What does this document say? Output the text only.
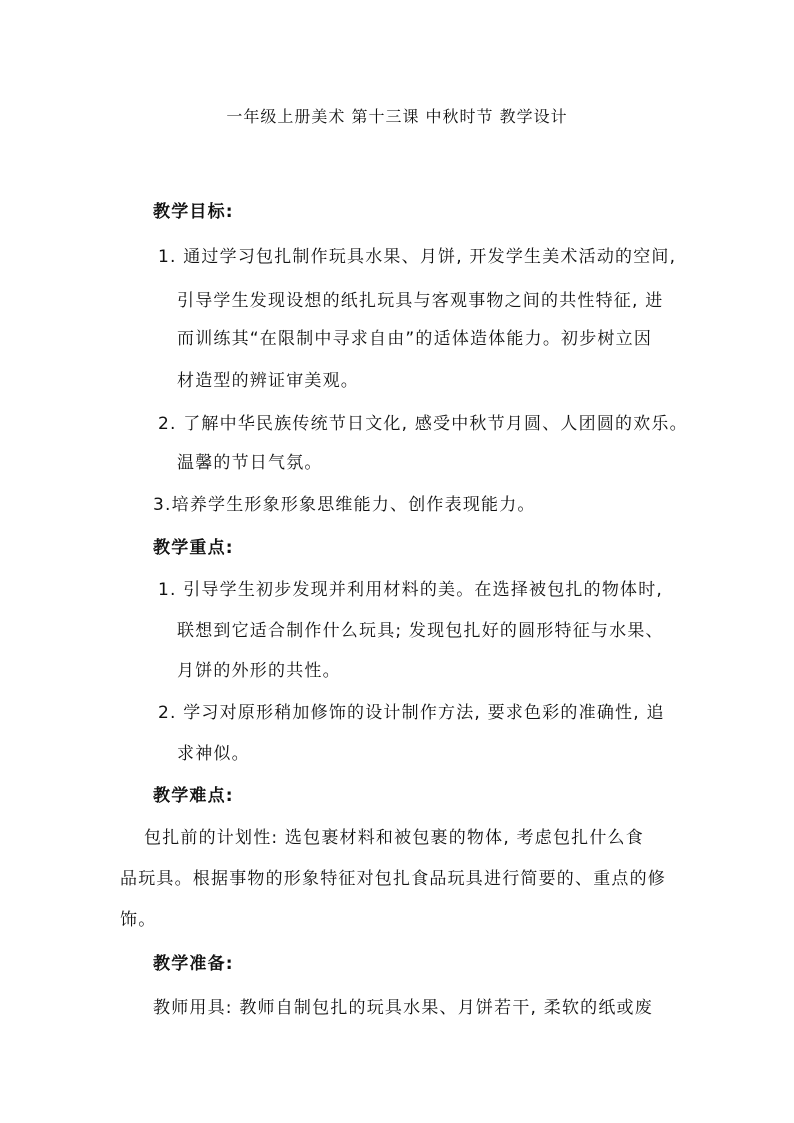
一年级上册美术 第十三课 中秋时节 教学设计
教学目标:
1. 通过学习包扎制作玩具水果、月饼, 开发学生美术活动的空间,
引导学生发现设想的纸扎玩具与客观事物之间的共性特征, 进
而训练其“在限制中寻求自由”的适体造体能力。初步树立因
材造型的辨证审美观。
2. 了解中华民族传统节日文化, 感受中秋节月圆、人团圆的欢乐。
温馨的节日气氛。
3.培养学生形象形象思维能力、创作表现能力。
教学重点:
1. 引导学生初步发现并利用材料的美。在选择被包扎的物体时,
联想到它适合制作什么玩具; 发现包扎好的圆形特征与水果、
月饼的外形的共性。
2. 学习对原形稍加修饰的设计制作方法, 要求色彩的准确性, 追
求神似。
教学难点:
包扎前的计划性: 选包裹材料和被包裹的物体, 考虑包扎什么食
品玩具。根据事物的形象特征对包扎食品玩具进行简要的、重点的修
饰。
教学准备:
教师用具: 教师自制包扎的玩具水果、月饼若干, 柔软的纸或废
